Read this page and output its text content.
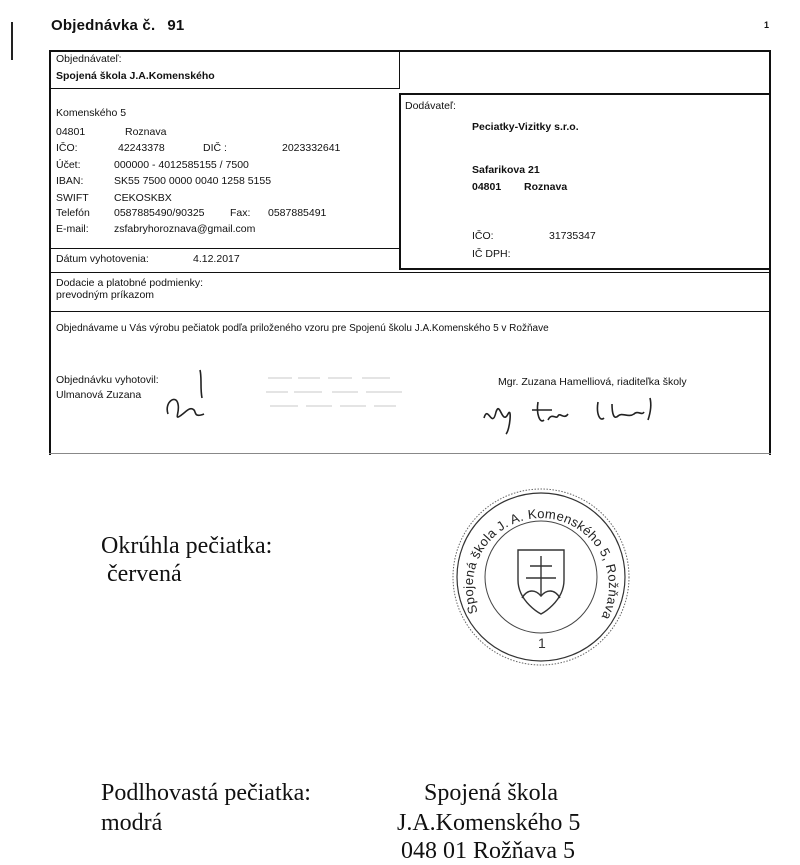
Objednávka č. 91	1
Objednávateľ:
Spojená škola J.A.Komenského
Komenského 5
04801	Roznava
IČO:	42243378	DIČ :	2023332641
Účet:	000000 - 4012585155 / 7500
IBAN:	SK55 7500 0000 0040 1258 5155
SWIFT CEKOSKBX
Telefón 0587885490/90325 Fax: 0587885491
E-mail: zsfabryhoroznava@gmail.com
Dátum vyhotovenia:	4.12.2017
Dodávateľ:
Peciatky-Vizitky s.r.o.
Safarikova 21
04801 Roznava
IČO:	31735347
IČ DPH:
Dodacie a platobné podmienky:
prevodným príkazom
Objednávame u Vás výrobu pečiatok podľa priloženého vzoru pre Spojenú školu J.A.Komenského 5 v Rožňave
Objednávku vyhotovil:
Ulmanová Zuzana
Mgr. Zuzana Hamelliová, riaditeľka školy
Okrúhla pečiatka:
červená
Spojená škola J. A. Komenského 5, Rožňava
1
Podlhovastá pečiatka:
modrá
Spojená škola
J.A.Komenského 5
048 01 Rožňava 5
